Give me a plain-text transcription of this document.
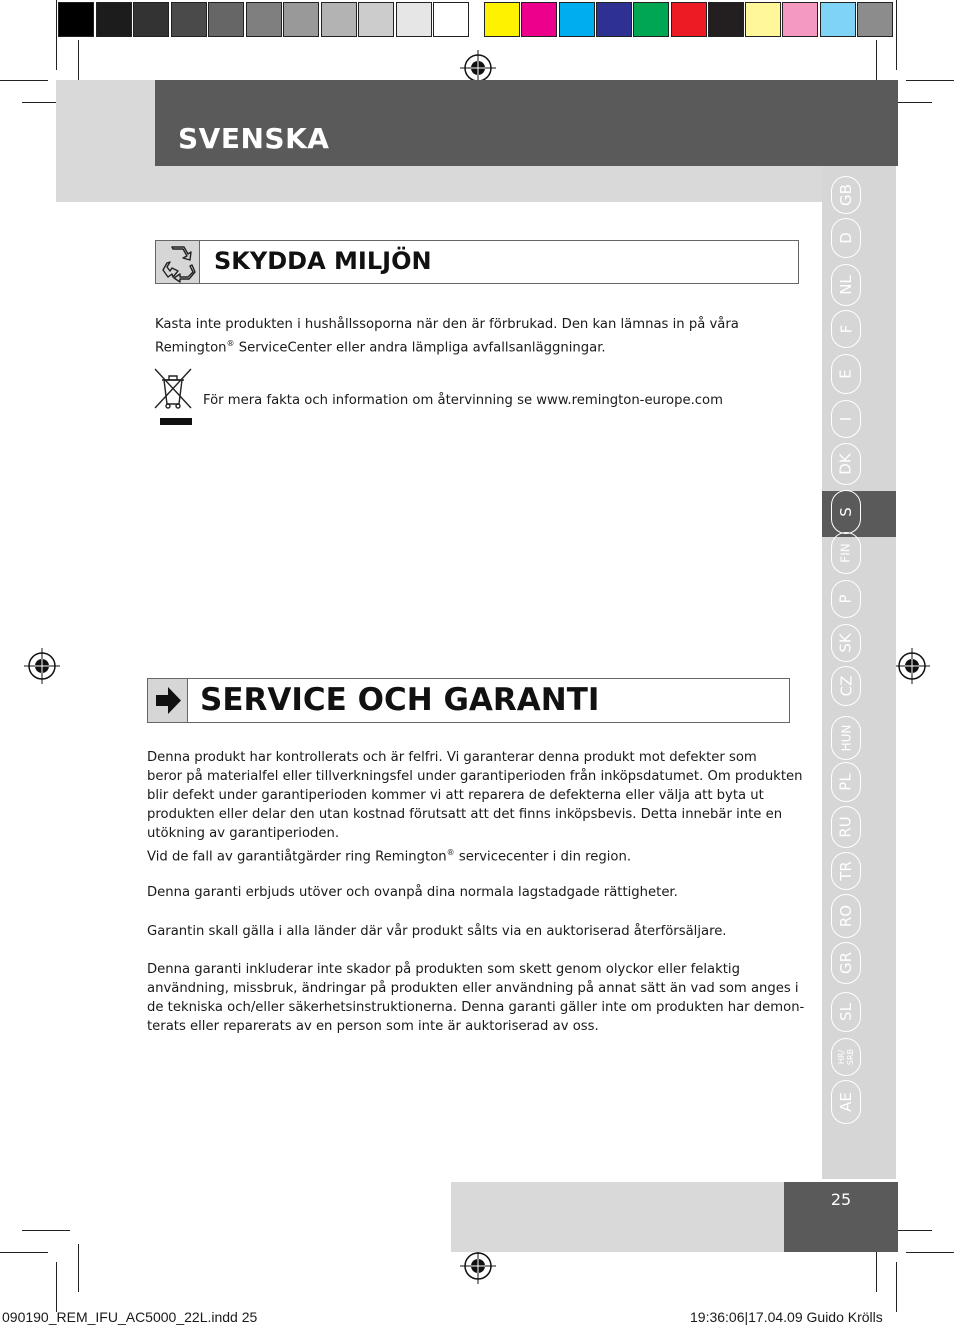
SVENSKA
GB
D
NL
F
E
I
DK
S
FIN
P
SK
CZ
HUN
PL
RU
TR
RO
GR
SL
HR/
SRB
AE
SKYDDA MILJÖN

Kasta inte produkten i hushållssoporna när den är förbrukad. Den kan lämnas in på våra
Remington® ServiceCenter eller andra lämpliga avfallsanläggningar.

För mera fakta och information om återvinning se www.remington-europe.com

SERVICE OCH GARANTI

Denna produkt har kontrollerats och är felfri. Vi garanterar denna produkt mot defekter som
beror på materialfel eller tillverkningsfel under garantiperioden från inköpsdatumet. Om produkten
blir defekt under garantiperioden kommer vi att reparera de defekterna eller välja att byta ut
produkten eller delar den utan kostnad förutsatt att det finns inköpsbevis. Detta innebär inte en
utökning av garantiperioden.
Vid de fall av garantiåtgärder ring Remington® servicecenter i din region.

Denna garanti erbjuds utöver och ovanpå dina normala lagstadgade rättigheter.

Garantin skall gälla i alla länder där vår produkt sålts via en auktoriserad återförsäljare.

Denna garanti inkluderar inte skador på produkten som skett genom olyckor eller felaktig
användning, missbruk, ändringar på produkten eller användning på annat sätt än vad som anges i
de tekniska och/eller säkerhetsinstruktionerna. Denna garanti gäller inte om produkten har demon-
terats eller reparerats av en person som inte är auktoriserad av oss.

25
090190_REM_IFU_AC5000_22L.indd 25	19:36:06|17.04.09 Guido Krölls
